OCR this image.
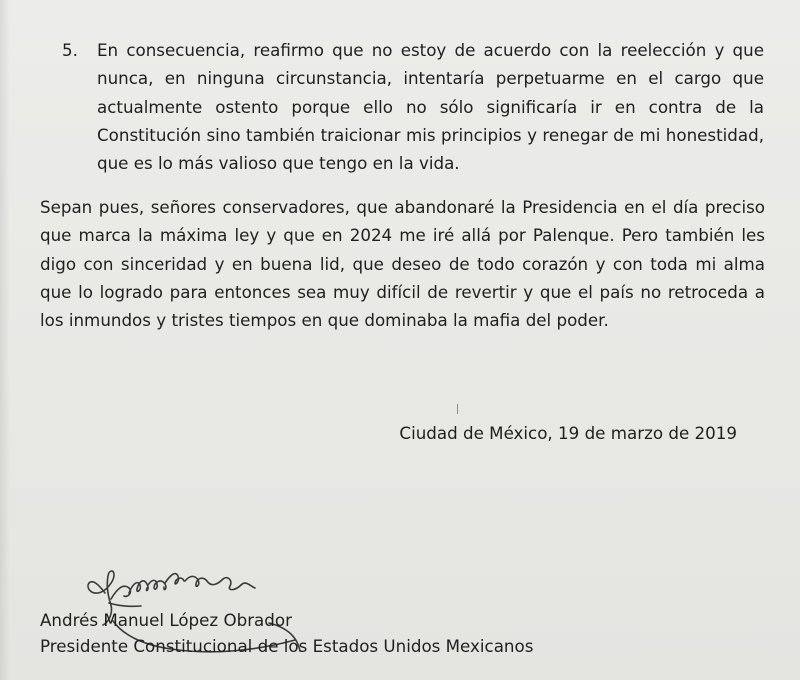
5. En consecuencia, reafirmo que no estoy de acuerdo con la reelección y que nunca, en ninguna circunstancia, intentaría perpetuarme en el cargo que actualmente ostento porque ello no sólo significaría ir en contra de la Constitución sino también traicionar mis principios y renegar de mi honestidad, que es lo más valioso que tengo en la vida.
Sepan pues, señores conservadores, que abandonaré la Presidencia en el día preciso que marca la máxima ley y que en 2024 me iré allá por Palenque. Pero también les digo con sinceridad y en buena lid, que deseo de todo corazón y con toda mi alma que lo logrado para entonces sea muy difícil de revertir y que el país no retroceda a los inmundos y tristes tiempos en que dominaba la mafia del poder.
Ciudad de México, 19 de marzo de 2019
Andrés Manuel López Obrador
Presidente Constitucional de los Estados Unidos Mexicanos
